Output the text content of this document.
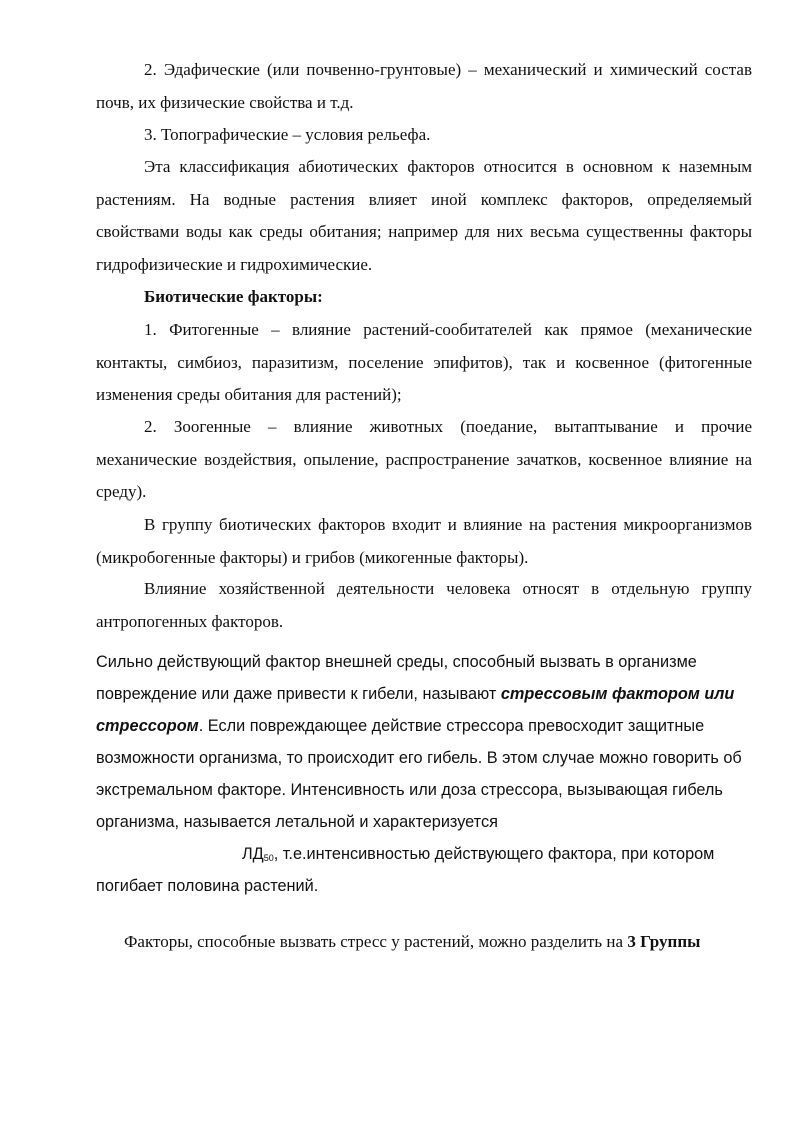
2. Эдафические (или почвенно-грунтовые) – механический и химический состав почв, их физические свойства и т.д.

3. Топографические – условия рельефа.

Эта классификация абиотических факторов относится в основном к наземным растениям. На водные растения влияет иной комплекс факторов, определяемый свойствами воды как среды обитания; например для них весьма существенны факторы гидрофизические и гидрохимические.

Биотические факторы:

1. Фитогенные – влияние растений-сообитателей как прямое (механические контакты, симбиоз, паразитизм, поселение эпифитов), так и косвенное (фитогенные изменения среды обитания для растений);

2. Зоогенные – влияние животных (поедание, вытаптывание и прочие механические воздействия, опыление, распространение зачатков, косвенное влияние на среду).

В группу биотических факторов входит и влияние на растения микроорганизмов (микробогенные факторы) и грибов (микогенные факторы).

Влияние хозяйственной деятельности человека относят в отдельную группу антропогенных факторов.

Сильно действующий фактор внешней среды, способный вызвать в организме повреждение или даже привести к гибели, называют стрессовым фактором или стрессором. Если повреждающее действие стрессора превосходит защитные возможности организма, то происходит его гибель. В этом случае можно говорить об экстремальном факторе. Интенсивность или доза стрессора, вызывающая гибель организма, называется летальной и характеризуется
$ЛД_{50}$, т.е.интенсивностью действующего фактора, при котором погибает половина растений.

Факторы, способные вызвать стресс у растений, можно разделить на 3 Группы
